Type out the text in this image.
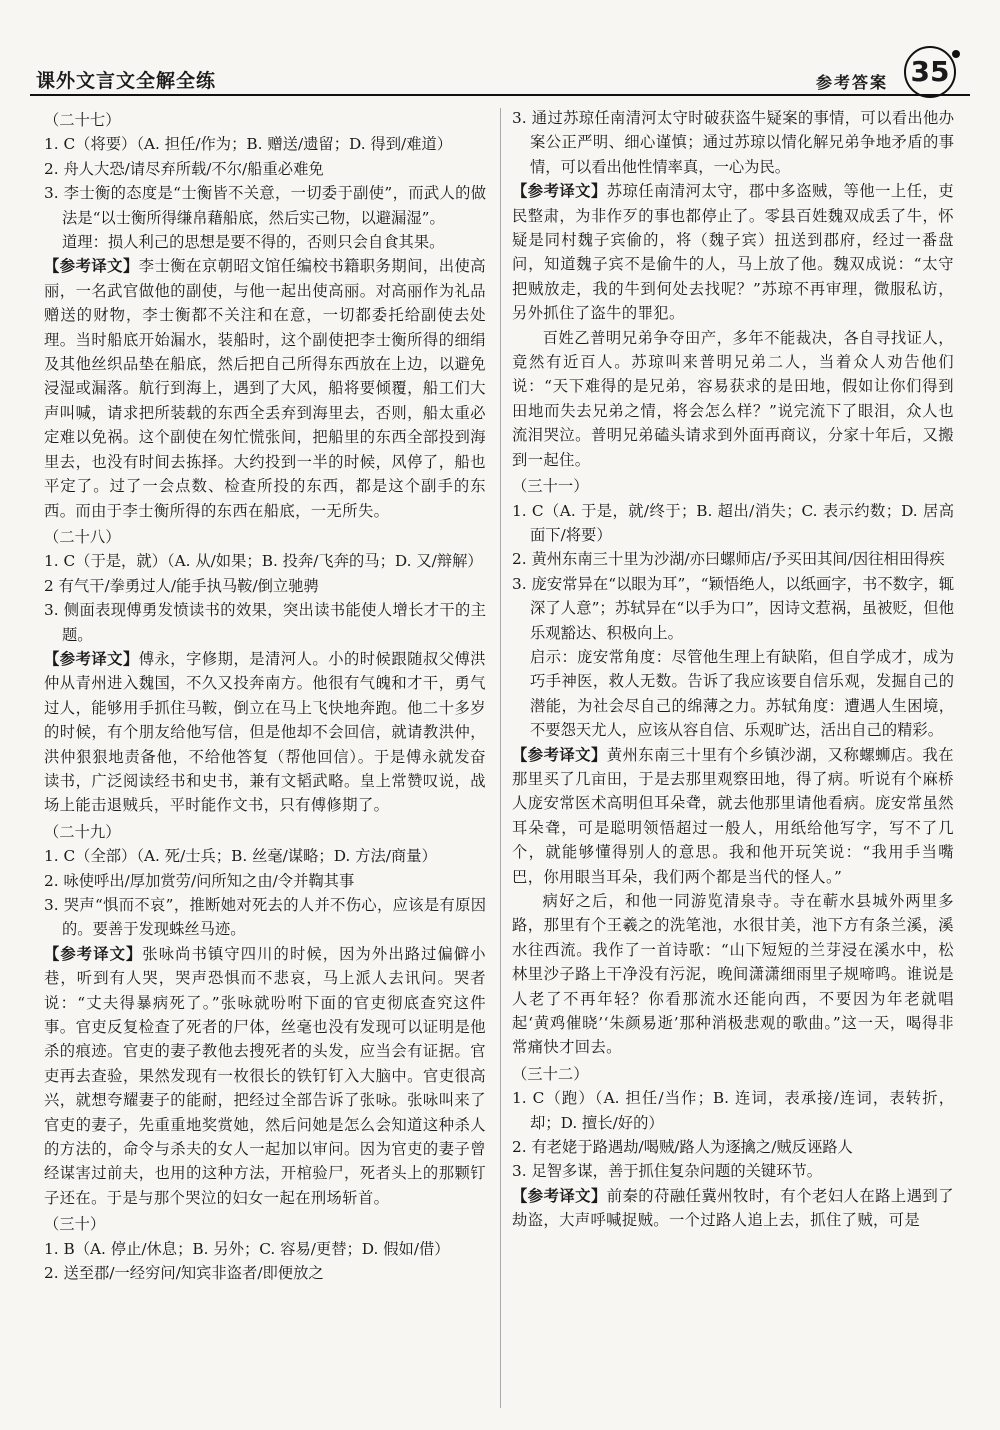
课外文言文全解全练	参考答案 35

（二十七）

1. C（将要）（A. 担任/作为；B. 赠送/遗留；D. 得到/难道）

2. 舟人大恐/请尽弃所载/不尔/船重必难免

3. 李士衡的态度是“士衡皆不关意，一切委于副使”，而武人的做法是“以士衡所得缣帛藉船底，然后实己物，以避漏湿”。

道理：损人利己的思想是要不得的，否则只会自食其果。

【参考译文】李士衡在京朝昭文馆任编校书籍职务期间，出使高丽，一名武官做他的副使，与他一起出使高丽。对高丽作为礼品赠送的财物，李士衡都不关注和在意，一切都委托给副使去处理。当时船底开始漏水，装船时，这个副使把李士衡所得的细绢及其他丝织品垫在船底，然后把自己所得东西放在上边，以避免浸湿或漏落。航行到海上，遇到了大风，船将要倾覆，船工们大声叫喊，请求把所装载的东西全丢弃到海里去，否则，船太重必定难以免祸。这个副使在匆忙慌张间，把船里的东西全部投到海里去，也没有时间去拣择。大约投到一半的时候，风停了，船也平定了。过了一会点数、检查所投的东西，都是这个副手的东西。而由于李士衡所得的东西在船底，一无所失。

（二十八）

1. C（于是，就）（A. 从/如果；B. 投奔/飞奔的马；D. 又/辩解）

2 有气干/拳勇过人/能手执马鞍/倒立驰骋

3. 侧面表现傅勇发愤读书的效果，突出读书能使人增长才干的主题。

【参考译文】傅永，字修期，是清河人。小的时候跟随叔父傅洪仲从青州进入魏国，不久又投奔南方。他很有气魄和才干，勇气过人，能够用手抓住马鞍，倒立在马上飞快地奔跑。他二十多岁的时候，有个朋友给他写信，但是他却不会回信，就请教洪仲，洪仲狠狠地责备他，不给他答复（帮他回信）。于是傅永就发奋读书，广泛阅读经书和史书，兼有文韬武略。皇上常赞叹说，战场上能击退贼兵，平时能作文书，只有傅修期了。

（二十九）

1. C（全部）（A. 死/士兵；B. 丝毫/谋略；D. 方法/商量）

2. 咏使呼出/厚加赏劳/问所知之由/令并鞫其事

3. 哭声“惧而不哀”，推断她对死去的人并不伤心，应该是有原因的。要善于发现蛛丝马迹。

【参考译文】张咏尚书镇守四川的时候，因为外出路过偏僻小巷，听到有人哭，哭声恐惧而不悲哀，马上派人去讯问。哭者说：“丈夫得暴病死了。”张咏就吩咐下面的官吏彻底查究这件事。官吏反复检查了死者的尸体，丝毫也没有发现可以证明是他杀的痕迹。官吏的妻子教他去搜死者的头发，应当会有证据。官吏再去查验，果然发现有一枚很长的铁钉钉入大脑中。官吏很高兴，就想夸耀妻子的能耐，把经过全部告诉了张咏。张咏叫来了官吏的妻子，先重重地奖赏她，然后问她是怎么会知道这种杀人的方法的，命令与杀夫的女人一起加以审问。因为官吏的妻子曾经谋害过前夫，也用的这种方法，开棺验尸，死者头上的那颗钉子还在。于是与那个哭泣的妇女一起在刑场斩首。

（三十）

1. B（A. 停止/休息；B. 另外；C. 容易/更替；D. 假如/借）

2. 送至郡/一经穷问/知宾非盗者/即便放之

3. 通过苏琼任南清河太守时破获盗牛疑案的事情，可以看出他办案公正严明、细心谨慎；通过苏琼以情化解兄弟争地矛盾的事情，可以看出他性情率真，一心为民。

【参考译文】苏琼任南清河太守，郡中多盗贼，等他一上任，吏民整肃，为非作歹的事也都停止了。零县百姓魏双成丢了牛，怀疑是同村魏子宾偷的，将（魏子宾）扭送到郡府，经过一番盘问，知道魏子宾不是偷牛的人，马上放了他。魏双成说：“太守把贼放走，我的牛到何处去找呢？”苏琼不再审理，微服私访，另外抓住了盗牛的罪犯。

百姓乙普明兄弟争夺田产，多年不能裁决，各自寻找证人，竟然有近百人。苏琼叫来普明兄弟二人，当着众人劝告他们说：“天下难得的是兄弟，容易获求的是田地，假如让你们得到田地而失去兄弟之情，将会怎么样？”说完流下了眼泪，众人也流泪哭泣。普明兄弟磕头请求到外面再商议，分家十年后，又搬到一起住。

（三十一）

1. C（A. 于是，就/终于；B. 超出/消失；C. 表示约数；D. 居高面下/将要）

2. 黄州东南三十里为沙湖/亦曰螺师店/予买田其间/因往相田得疾

3. 庞安常异在“以眼为耳”，“颖悟绝人，以纸画字，书不数字，辄深了人意”；苏轼异在“以手为口”，因诗文惹祸，虽被贬，但他乐观豁达、积极向上。

启示：庞安常角度：尽管他生理上有缺陷，但自学成才，成为巧手神医，救人无数。告诉了我应该要自信乐观，发掘自己的潜能，为社会尽自己的绵薄之力。苏轼角度：遭遇人生困境，不要怨天尤人，应该从容自信、乐观旷达，活出自己的精彩。

【参考译文】黄州东南三十里有个乡镇沙湖，又称螺蛳店。我在那里买了几亩田，于是去那里观察田地，得了病。听说有个麻桥人庞安常医术高明但耳朵聋，就去他那里请他看病。庞安常虽然耳朵聋，可是聪明领悟超过一般人，用纸给他写字，写不了几个，就能够懂得别人的意思。我和他开玩笑说：“我用手当嘴巴，你用眼当耳朵，我们两个都是当代的怪人。”

病好之后，和他一同游览清泉寺。寺在蕲水县城外两里多路，那里有个王羲之的洗笔池，水很甘美，池下方有条兰溪，溪水往西流。我作了一首诗歌：“山下短短的兰芽浸在溪水中，松林里沙子路上干净没有污泥，晚间潇潇细雨里子规啼鸣。谁说是人老了不再年轻？你看那流水还能向西，不要因为年老就唱起‘黄鸡催晓’‘朱颜易逝’那种消极悲观的歌曲。”这一天，喝得非常痛快才回去。

（三十二）

1. C（跑）（A. 担任/当作；B. 连词，表承接/连词，表转折，却；D. 擅长/好的）

2. 有老姥于路遇劫/喝贼/路人为逐擒之/贼反诬路人

3. 足智多谋，善于抓住复杂问题的关键环节。

【参考译文】前秦的苻融任冀州牧时，有个老妇人在路上遇到了劫盗，大声呼喊捉贼。一个过路人追上去，抓住了贼，可是
